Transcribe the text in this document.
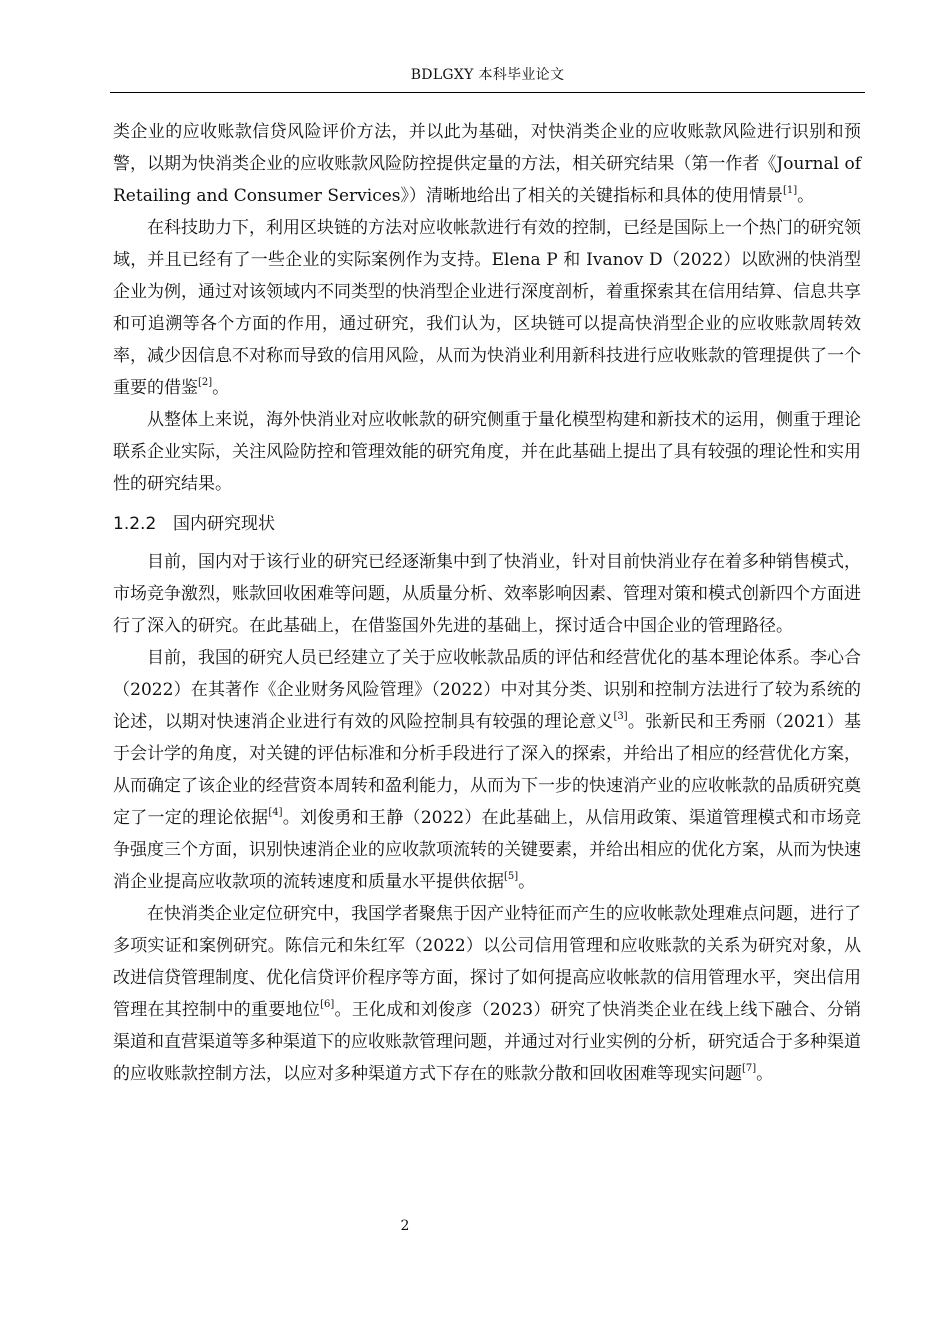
BDLGXY 本科毕业论文

类企业的应收账款信贷风险评价方法，并以此为基础，对快消类企业的应收账款风险进行识别和预警，以期为快消类企业的应收账款风险防控提供定量的方法，相关研究结果（第一作者《Journal of Retailing and Consumer Services》）清晰地给出了相关的关键指标和具体的使用情景[1]。

在科技助力下，利用区块链的方法对应收帐款进行有效的控制，已经是国际上一个热门的研究领域，并且已经有了一些企业的实际案例作为支持。Elena P 和 Ivanov D（2022）以欧洲的快消型企业为例，通过对该领域内不同类型的快消型企业进行深度剖析，着重探索其在信用结算、信息共享和可追溯等各个方面的作用，通过研究，我们认为，区块链可以提高快消型企业的应收账款周转效率，减少因信息不对称而导致的信用风险，从而为快消业利用新科技进行应收账款的管理提供了一个重要的借鉴[2]。

从整体上来说，海外快消业对应收帐款的研究侧重于量化模型构建和新技术的运用，侧重于理论联系企业实际，关注风险防控和管理效能的研究角度，并在此基础上提出了具有较强的理论性和实用性的研究结果。

1.2.2 国内研究现状

目前，国内对于该行业的研究已经逐渐集中到了快消业，针对目前快消业存在着多种销售模式，市场竞争激烈，账款回收困难等问题，从质量分析、效率影响因素、管理对策和模式创新四个方面进行了深入的研究。在此基础上，在借鉴国外先进的基础上，探讨适合中国企业的管理路径。

目前，我国的研究人员已经建立了关于应收帐款品质的评估和经营优化的基本理论体系。李心合（2022）在其著作《企业财务风险管理》（2022）中对其分类、识别和控制方法进行了较为系统的论述，以期对快速消企业进行有效的风险控制具有较强的理论意义[3]。张新民和王秀丽（2021）基于会计学的角度，对关键的评估标准和分析手段进行了深入的探索，并给出了相应的经营优化方案，从而确定了该企业的经营资本周转和盈利能力，从而为下一步的快速消产业的应收帐款的品质研究奠定了一定的理论依据[4]。刘俊勇和王静（2022）在此基础上，从信用政策、渠道管理模式和市场竞争强度三个方面，识别快速消企业的应收款项流转的关键要素，并给出相应的优化方案，从而为快速消企业提高应收款项的流转速度和质量水平提供依据[5]。

在快消类企业定位研究中，我国学者聚焦于因产业特征而产生的应收帐款处理难点问题，进行了多项实证和案例研究。陈信元和朱红军（2022）以公司信用管理和应收账款的关系为研究对象，从改进信贷管理制度、优化信贷评价程序等方面，探讨了如何提高应收帐款的信用管理水平，突出信用管理在其控制中的重要地位[6]。王化成和刘俊彦（2023）研究了快消类企业在线上线下融合、分销渠道和直营渠道等多种渠道下的应收账款管理问题，并通过对行业实例的分析，研究适合于多种渠道的应收账款控制方法，以应对多种渠道方式下存在的账款分散和回收困难等现实问题[7]。

2
